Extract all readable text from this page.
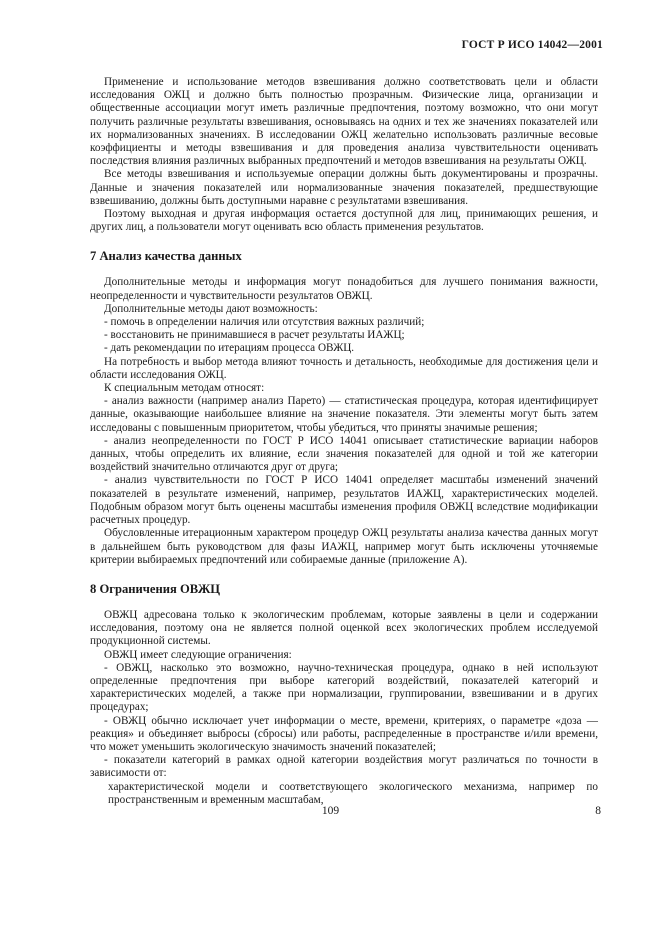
ГОСТ Р ИСО 14042—2001

Применение и использование методов взвешивания должно соответствовать цели и области исследования ОЖЦ и должно быть полностью прозрачным. Физические лица, организации и общественные ассоциации могут иметь различные предпочтения, поэтому возможно, что они могут получить различные результаты взвешивания, основываясь на одних и тех же значениях показателей или их нормализованных значениях. В исследовании ОЖЦ желательно использовать различные весовые коэффициенты и методы взвешивания и для проведения анализа чувствительности оценивать последствия влияния различных выбранных предпочтений и методов взвешивания на результаты ОЖЦ.

Все методы взвешивания и используемые операции должны быть документированы и прозрачны. Данные и значения показателей или нормализованные значения показателей, предшествующие взвешиванию, должны быть доступными наравне с результатами взвешивания.

Поэтому выходная и другая информация остается доступной для лиц, принимающих решения, и других лиц, а пользователи могут оценивать всю область применения результатов.

7 Анализ качества данных

Дополнительные методы и информация могут понадобиться для лучшего понимания важности, неопределенности и чувствительности результатов ОВЖЦ.

Дополнительные методы дают возможность:

- помочь в определении наличия или отсутствия важных различий;

- восстановить не принимавшиеся в расчет результаты ИАЖЦ;

- дать рекомендации по итерациям процесса ОВЖЦ.

На потребность и выбор метода влияют точность и детальность, необходимые для достижения цели и области исследования ОЖЦ.

К специальным методам относят:

- анализ важности (например анализ Парето) — статистическая процедура, которая идентифицирует данные, оказывающие наибольшее влияние на значение показателя. Эти элементы могут быть затем исследованы с повышенным приоритетом, чтобы убедиться, что приняты значимые решения;

- анализ неопределенности по ГОСТ Р ИСО 14041 описывает статистические вариации наборов данных, чтобы определить их влияние, если значения показателей для одной и той же категории воздействий значительно отличаются друг от друга;

- анализ чувствительности по ГОСТ Р ИСО 14041 определяет масштабы изменений значений показателей в результате изменений, например, результатов ИАЖЦ, характеристических моделей. Подобным образом могут быть оценены масштабы изменения профиля ОВЖЦ вследствие модификации расчетных процедур.

Обусловленные итерационным характером процедур ОЖЦ результаты анализа качества данных могут в дальнейшем быть руководством для фазы ИАЖЦ, например могут быть исключены уточняемые критерии выбираемых предпочтений или собираемые данные (приложение А).

8 Ограничения ОВЖЦ

ОВЖЦ адресована только к экологическим проблемам, которые заявлены в цели и содержании исследования, поэтому она не является полной оценкой всех экологических проблем исследуемой продукционной системы.

ОВЖЦ имеет следующие ограничения:

- ОВЖЦ, насколько это возможно, научно-техническая процедура, однако в ней используют определенные предпочтения при выборе категорий воздействий, показателей категорий и характеристических моделей, а также при нормализации, группировании, взвешивании и в других процедурах;

- ОВЖЦ обычно исключает учет информации о месте, времени, критериях, о параметре «доза — реакция» и объединяет выбросы (сбросы) или работы, распределенные в пространстве и/или времени, что может уменьшить экологическую значимость значений показателей;

- показатели категорий в рамках одной категории воздействия могут различаться по точности в зависимости от:

характеристической модели и соответствующего экологического механизма, например по пространственным и временным масштабам,

109	8
